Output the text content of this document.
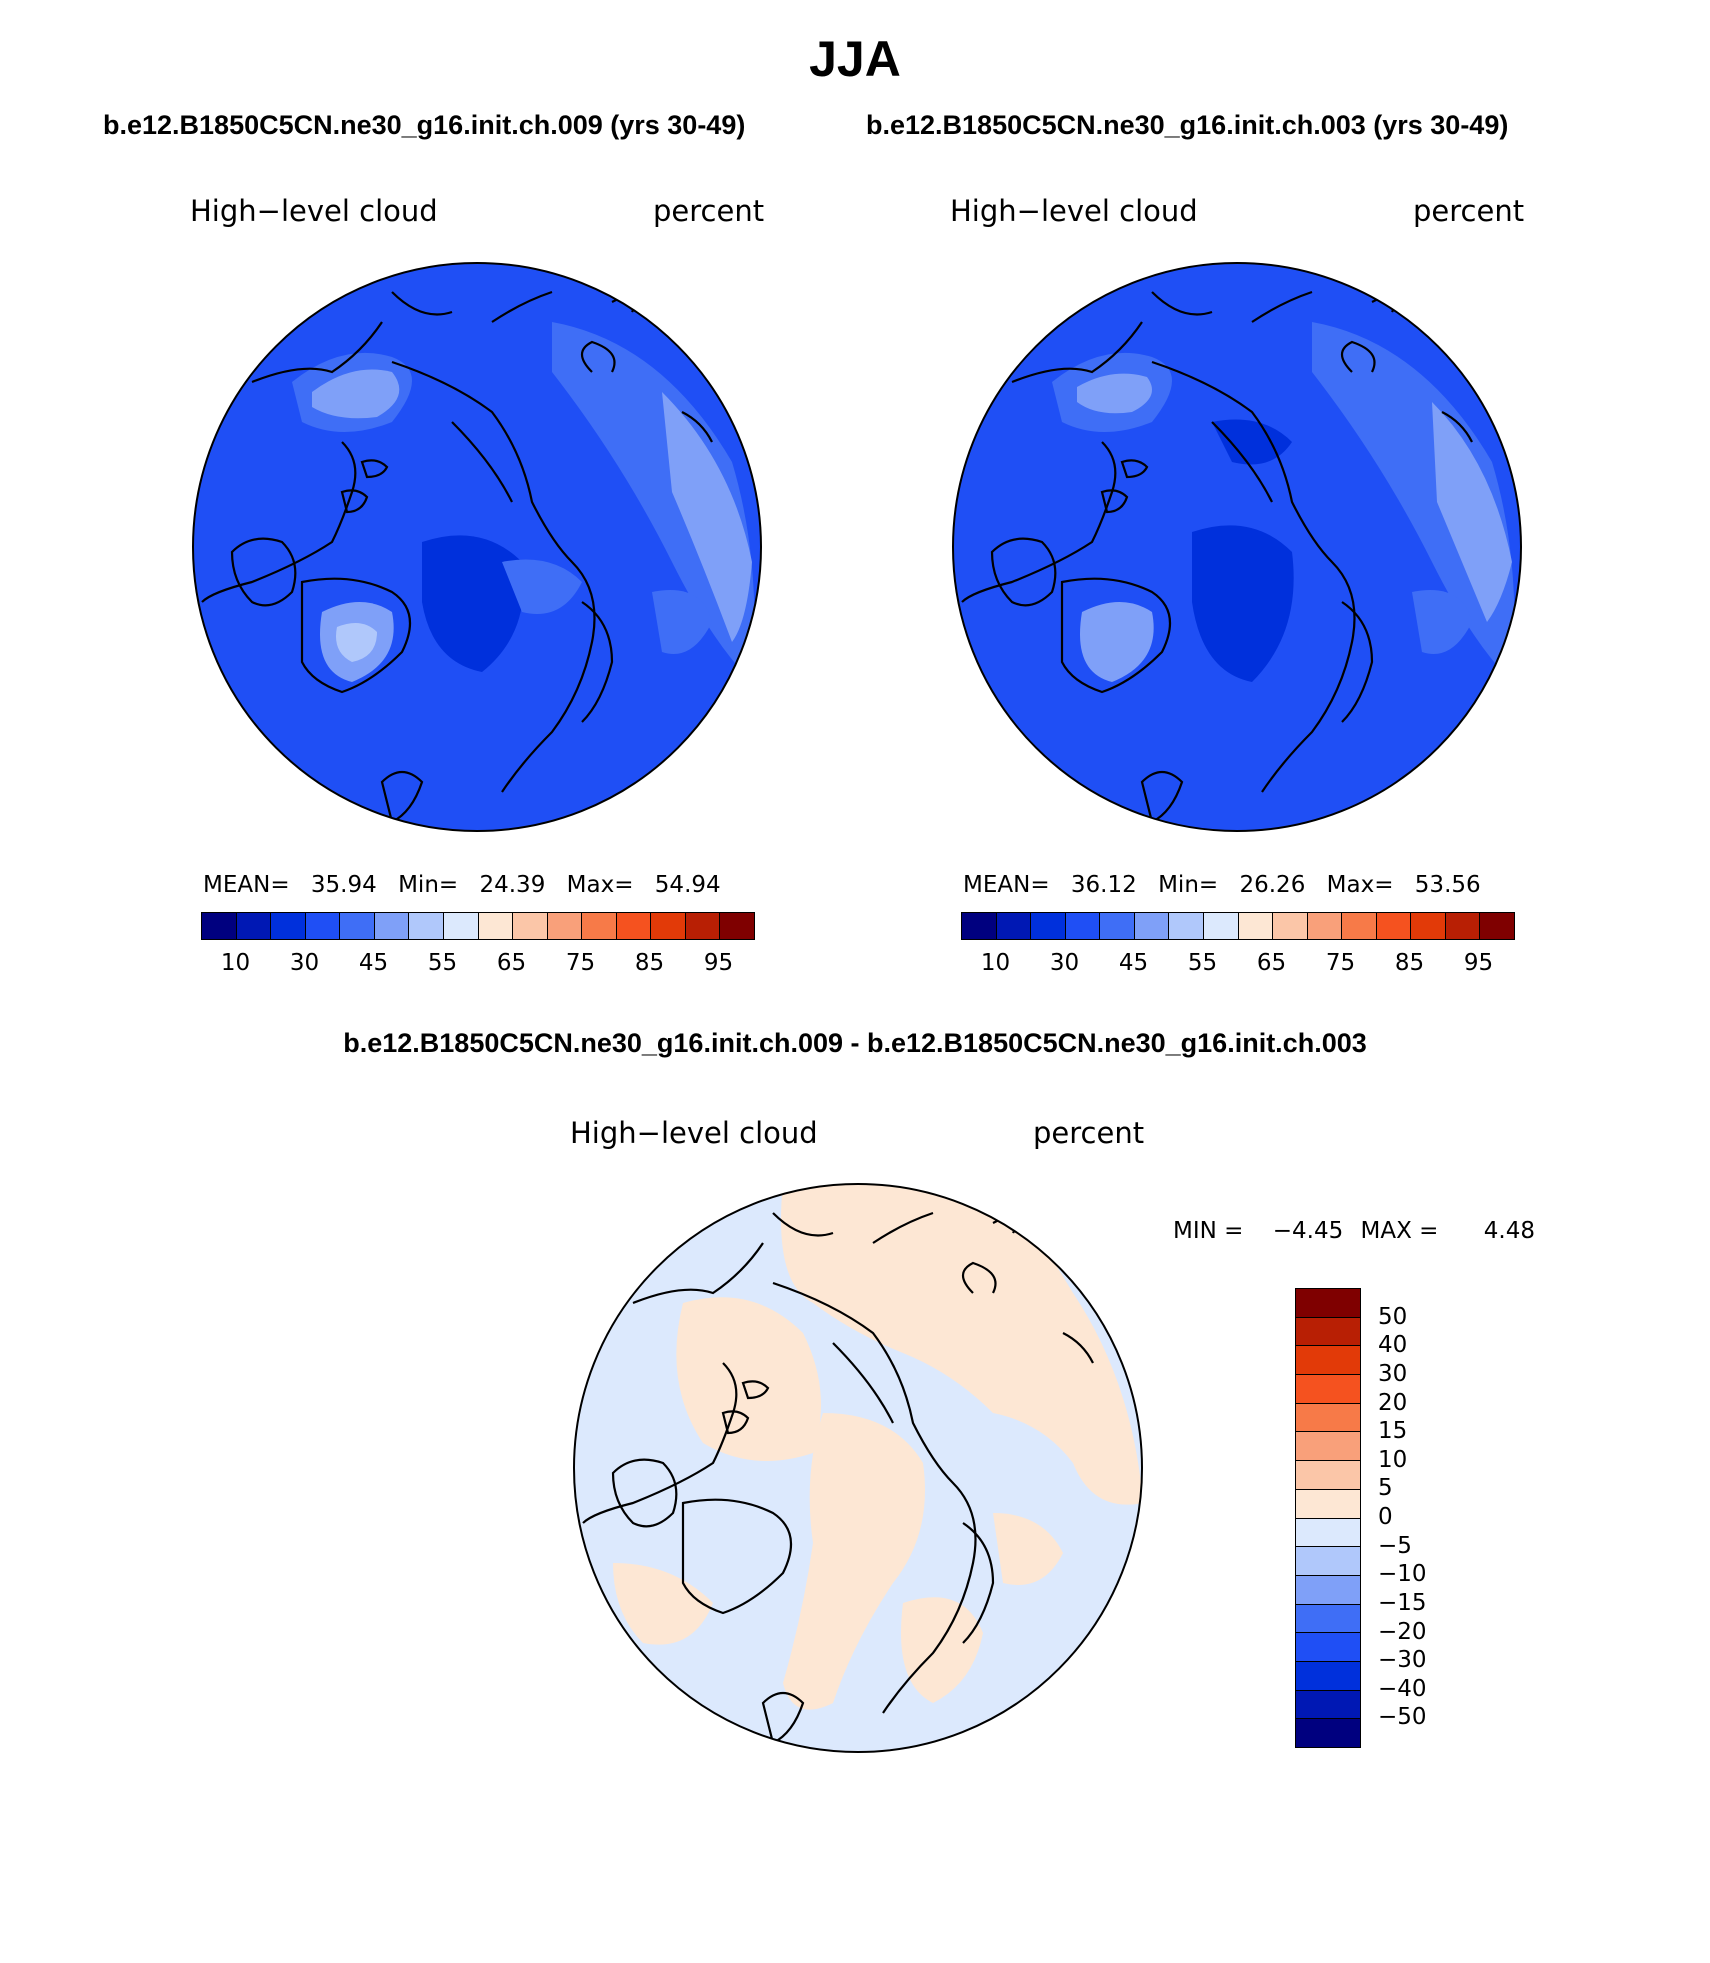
JJA
b.e12.B1850C5CN.ne30_g16.init.ch.009 (yrs 30-49)	b.e12.B1850C5CN.ne30_g16.init.ch.003 (yrs 30-49)
High−level cloud	percent	High−level cloud	percent
MEAN= 35.94 Min= 24.39 Max= 54.94	MEAN= 36.12 Min= 26.26 Max= 53.56
10 30 45 55 65 75 85 95	10 30 45 55 65 75 85 95
b.e12.B1850C5CN.ne30_g16.init.ch.009 - b.e12.B1850C5CN.ne30_g16.init.ch.003
High−level cloud	percent
MIN = −4.45 MAX = 4.48
50
40
30
20
15
10
5
0
−5
−10
−15
−20
−30
−40
−50
